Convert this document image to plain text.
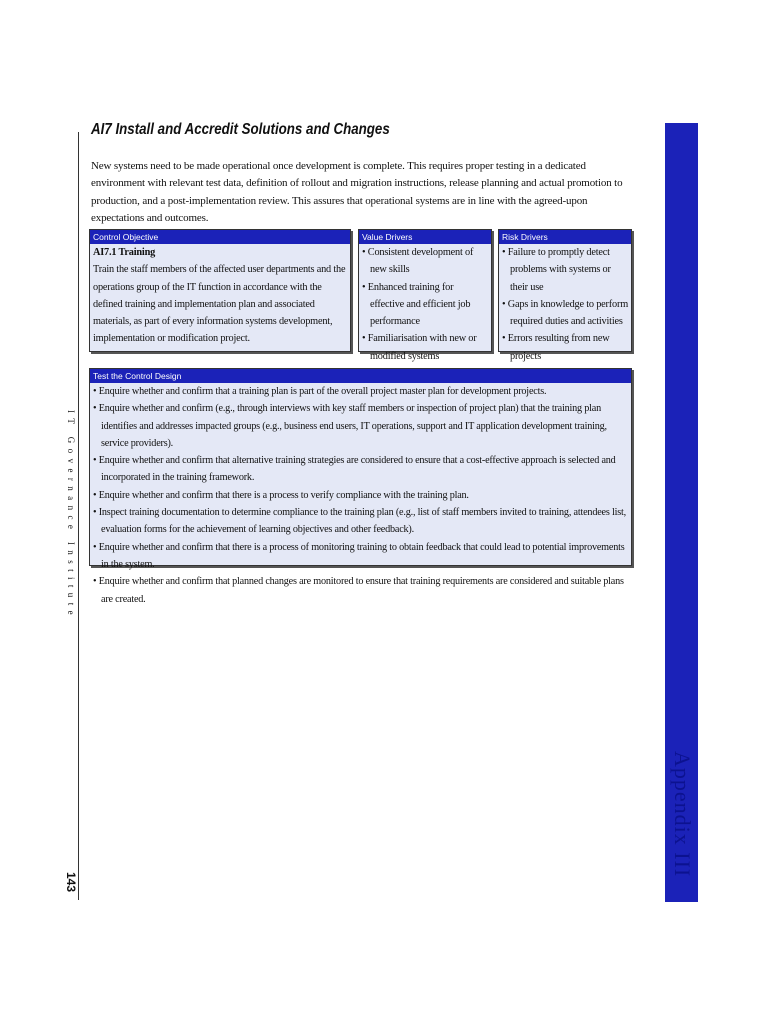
AI7 Install and Accredit Solutions and Changes

New systems need to be made operational once development is complete. This requires proper testing in a dedicated environment with relevant test data, definition of rollout and migration instructions, release planning and actual promotion to production, and a post-implementation review. This assures that operational systems are in line with the agreed-upon expectations and outcomes.

Control Objective
AI7.1 Training
Train the staff members of the affected user departments and the operations group of the IT function in accordance with the defined training and implementation plan and associated materials, as part of every information systems development, implementation or modification project.
Value Drivers
• Consistent development of new skills
• Enhanced training for effective and efficient job performance
• Familiarisation with new or modified systems
Risk Drivers
• Failure to promptly detect problems with systems or their use
• Gaps in knowledge to perform required duties and activities
• Errors resulting from new projects
Test the Control Design
• Enquire whether and confirm that a training plan is part of the overall project master plan for development projects.
• Enquire whether and confirm (e.g., through interviews with key staff members or inspection of project plan) that the training plan identifies and addresses impacted groups (e.g., business end users, IT operations, support and IT application development training, service providers).
• Enquire whether and confirm that alternative training strategies are considered to ensure that a cost-effective approach is selected and incorporated in the training framework.
• Enquire whether and confirm that there is a process to verify compliance with the training plan.
• Inspect training documentation to determine compliance to the training plan (e.g., list of staff members invited to training, attendees list, evaluation forms for the achievement of learning objectives and other feedback).
• Enquire whether and confirm that there is a process of monitoring training to obtain feedback that could lead to potential improvements in the system.
• Enquire whether and confirm that planned changes are monitored to ensure that training requirements are considered and suitable plans are created.
IT Governance Institute
143
Appendix III
